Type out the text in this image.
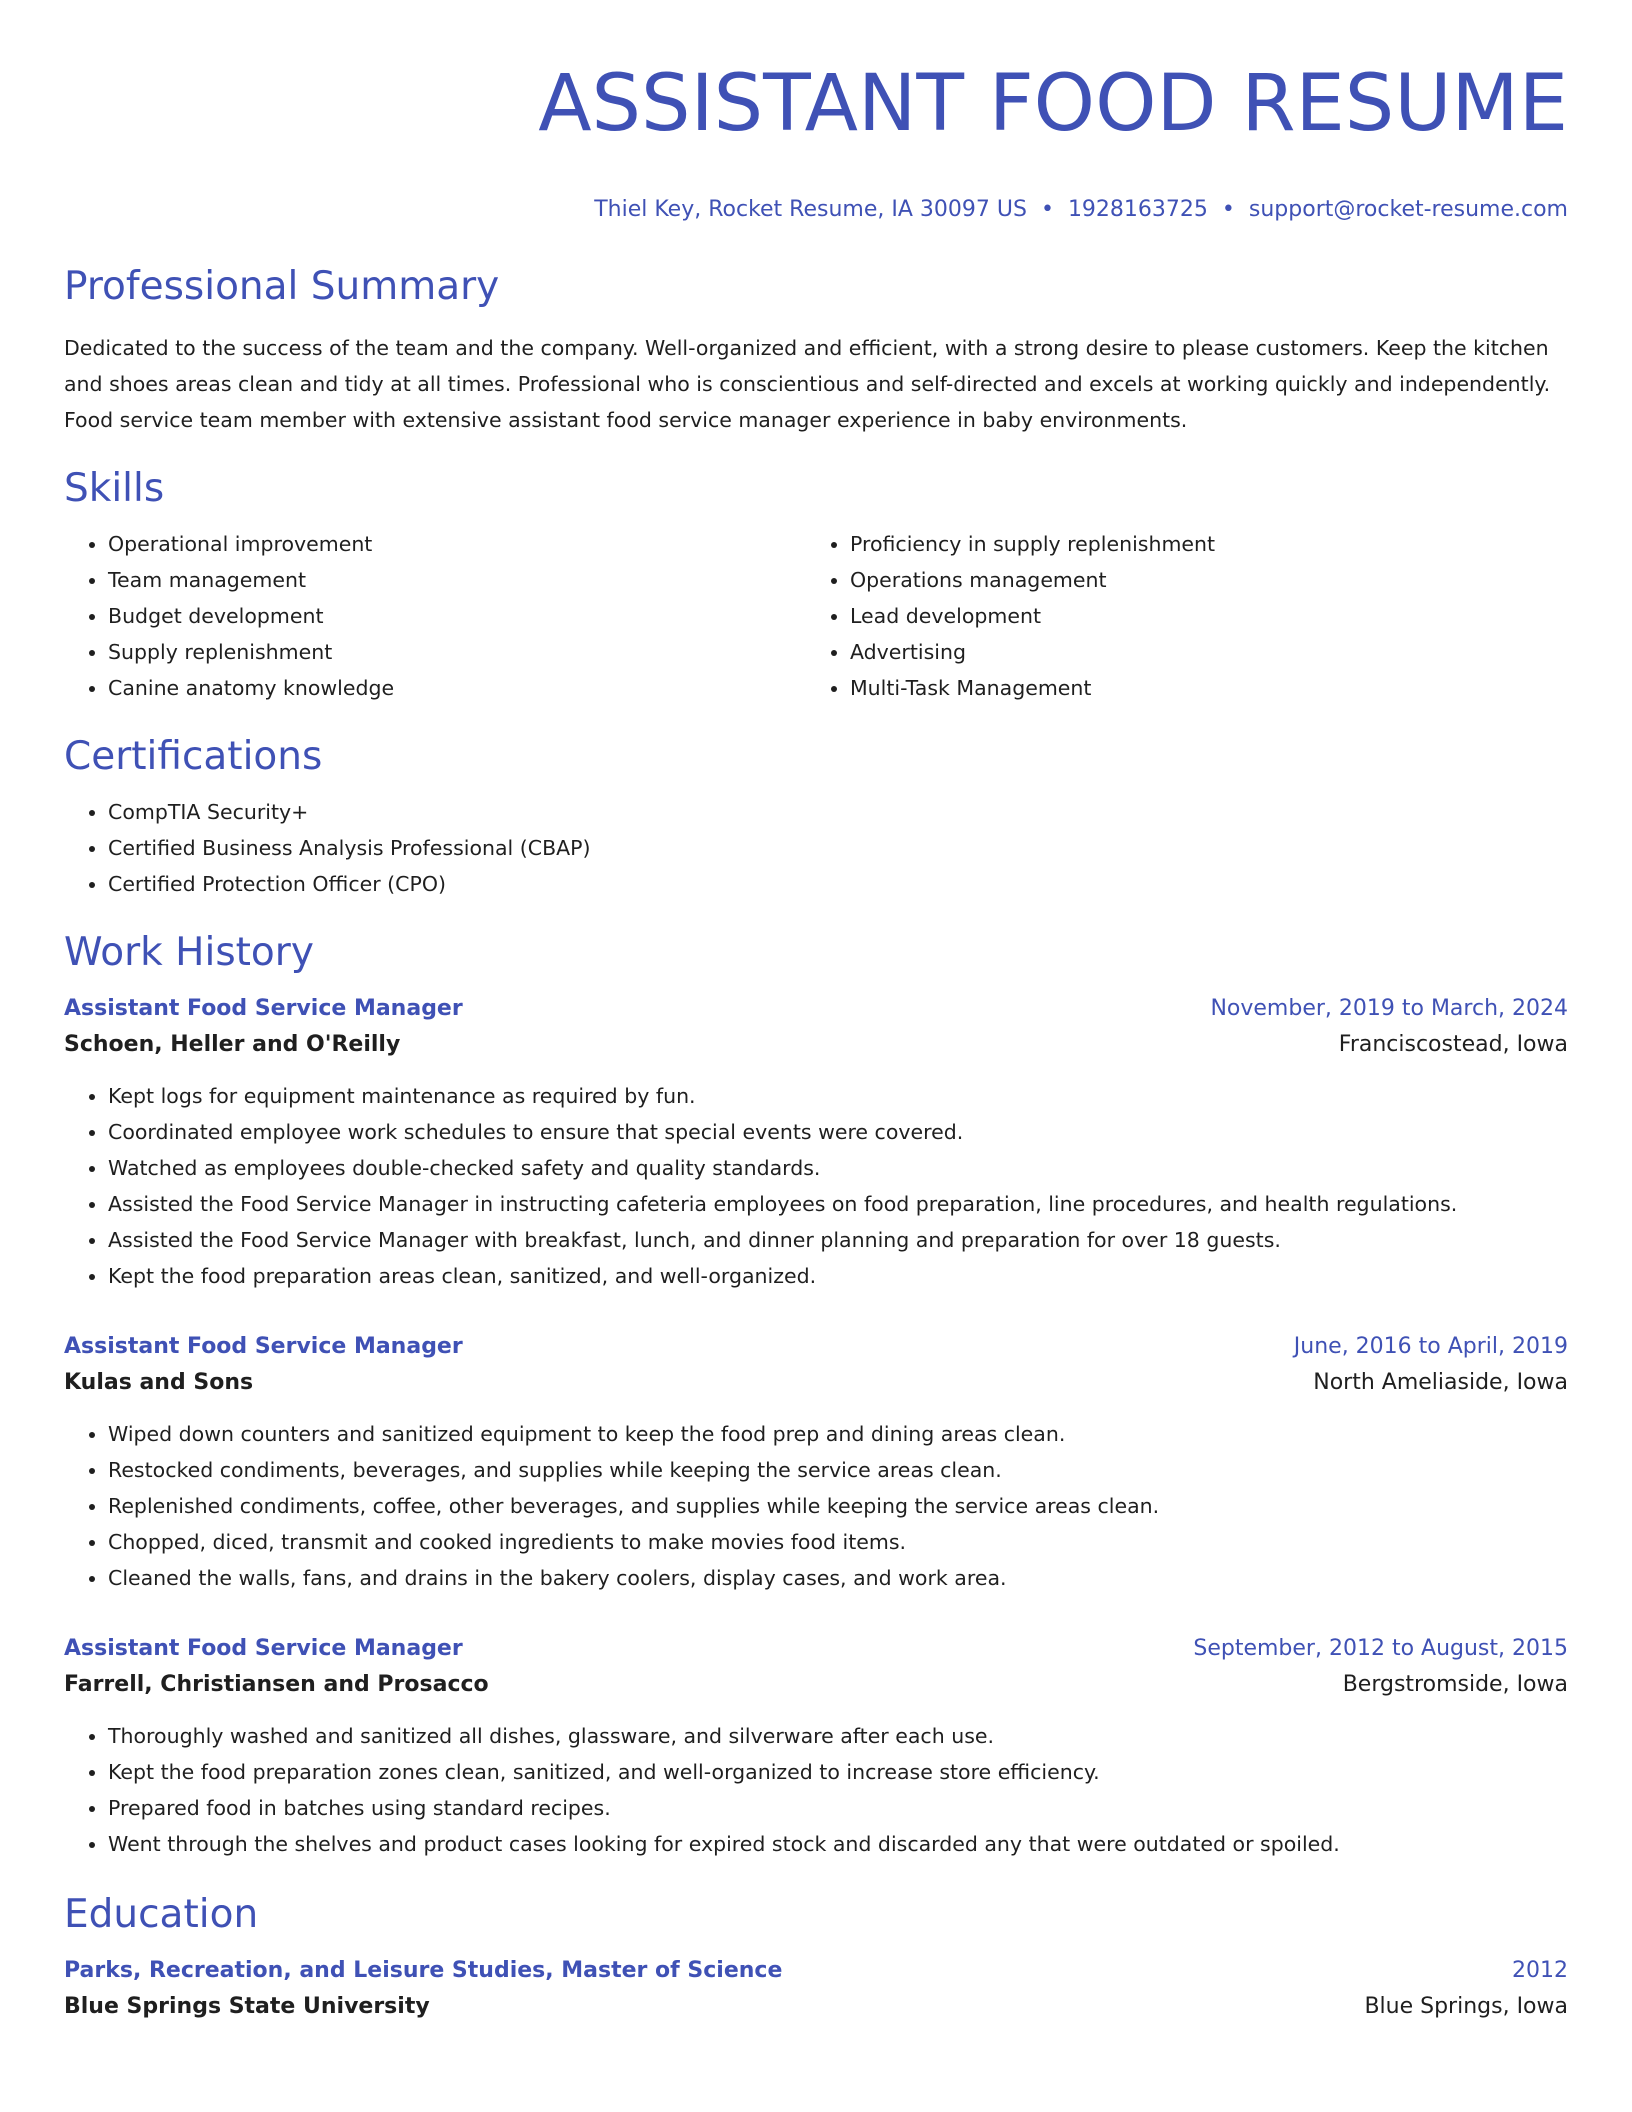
ASSISTANT FOOD RESUME
Thiel Key, Rocket Resume, IA 30097 US • 1928163725 • support@rocket-resume.com
Professional Summary
Dedicated to the success of the team and the company. Well-organized and efficient, with a strong desire to please customers. Keep the kitchen and shoes areas clean and tidy at all times. Professional who is conscientious and self-directed and excels at working quickly and independently. Food service team member with extensive assistant food service manager experience in baby environments.
Skills
• Operational improvement
• Team management
• Budget development
• Supply replenishment
• Canine anatomy knowledge
• Proficiency in supply replenishment
• Operations management
• Lead development
• Advertising
• Multi-Task Management
Certifications
• CompTIA Security+
• Certified Business Analysis Professional (CBAP)
• Certified Protection Officer (CPO)
Work History
Assistant Food Service Manager	November, 2019 to March, 2024
Schoen, Heller and O'Reilly	Franciscostead, Iowa
• Kept logs for equipment maintenance as required by fun.
• Coordinated employee work schedules to ensure that special events were covered.
• Watched as employees double-checked safety and quality standards.
• Assisted the Food Service Manager in instructing cafeteria employees on food preparation, line procedures, and health regulations.
• Assisted the Food Service Manager with breakfast, lunch, and dinner planning and preparation for over 18 guests.
• Kept the food preparation areas clean, sanitized, and well-organized.
Assistant Food Service Manager	June, 2016 to April, 2019
Kulas and Sons	North Ameliaside, Iowa
• Wiped down counters and sanitized equipment to keep the food prep and dining areas clean.
• Restocked condiments, beverages, and supplies while keeping the service areas clean.
• Replenished condiments, coffee, other beverages, and supplies while keeping the service areas clean.
• Chopped, diced, transmit and cooked ingredients to make movies food items.
• Cleaned the walls, fans, and drains in the bakery coolers, display cases, and work area.
Assistant Food Service Manager	September, 2012 to August, 2015
Farrell, Christiansen and Prosacco	Bergstromside, Iowa
• Thoroughly washed and sanitized all dishes, glassware, and silverware after each use.
• Kept the food preparation zones clean, sanitized, and well-organized to increase store efficiency.
• Prepared food in batches using standard recipes.
• Went through the shelves and product cases looking for expired stock and discarded any that were outdated or spoiled.
Education
Parks, Recreation, and Leisure Studies, Master of Science	2012
Blue Springs State University	Blue Springs, Iowa
